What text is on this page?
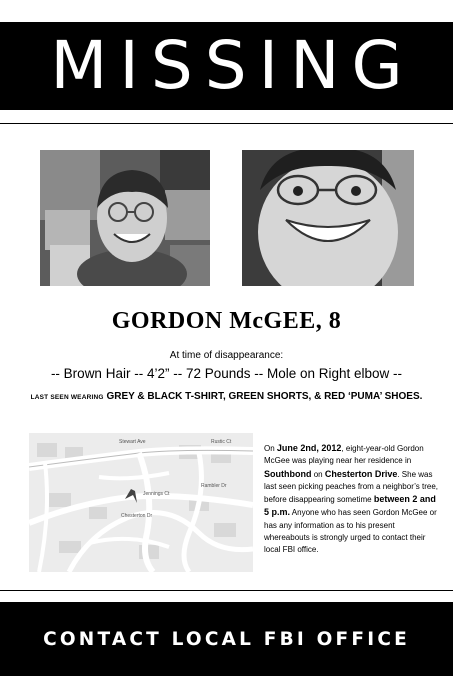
MISSING
GORDON McGEE, 8
At time of disappearance:
-- Brown Hair -- 4’2” -- 72 Pounds -- Mole on Right elbow --
LAST SEEN WEARING GREY & BLACK T-SHIRT, GREEN SHORTS, & RED ‘PUMA’ SHOES.
Stewart Ave
Jennings Ct
Chesterton Dr
Rambler Dr
Rustic Ct
On June 2nd, 2012, eight-year-old Gordon McGee was playing near her residence in Southbond on Chesterton Drive. She was last seen picking peaches from a neighbor’s tree, before disappearing sometime between 2 and 5 p.m. Anyone who has seen Gordon McGee or has any information as to his present whereabouts is strongly urged to contact their local FBI office.
CONTACT LOCAL FBI OFFICE
